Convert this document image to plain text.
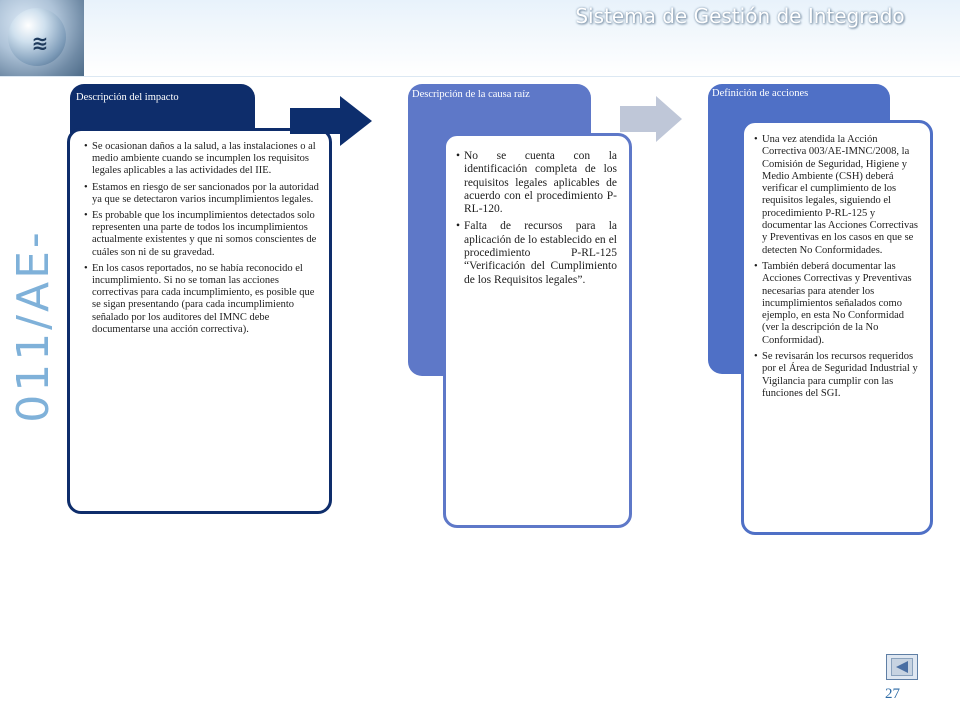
≋
Sistema de Gestión de Integrado
011/AE-
Descripción del impacto
• Se ocasionan daños a la salud, a las instalaciones o al medio ambiente cuando se incumplen los requisitos legales aplicables a las actividades del IIE.
• Estamos en riesgo de ser sancionados por la autoridad ya que se detectaron varios incumplimientos legales.
• Es probable que los incumplimientos detectados solo representen una parte de todos los incumplimientos actualmente existentes y que ni somos conscientes de cuáles son ni de su gravedad.
• En los casos reportados, no se había reconocido el incumplimiento. Si no se toman las acciones correctivas para cada incumplimiento, es posible que se sigan presentando (para cada incumplimiento señalado por los auditores del IMNC debe documentarse una acción correctiva).
Descripción de la causa raíz
• No se cuenta con la identificación completa de los requisitos legales aplicables de acuerdo con el procedimiento P-RL-120.
• Falta de recursos para la aplicación de lo establecido en el procedimiento P-RL-125 “Verificación del Cumplimiento de los Requisitos legales”.
Definición de acciones
• Una vez atendida la Acción Correctiva 003/AE-IMNC/2008, la Comisión de Seguridad, Higiene y Medio Ambiente (CSH) deberá verificar el cumplimiento de los requisitos legales, siguiendo el procedimiento P-RL-125 y documentar las Acciones Correctivas y Preventivas en los casos en que se detecten No Conformidades.
• También deberá documentar las Acciones Correctivas y Preventivas necesarias para atender los incumplimientos señalados como ejemplo, en esta No Conformidad (ver la descripción de la No Conformidad).
• Se revisarán los recursos requeridos por el Área de Seguridad Industrial y Vigilancia para cumplir con las funciones del SGI.
27
